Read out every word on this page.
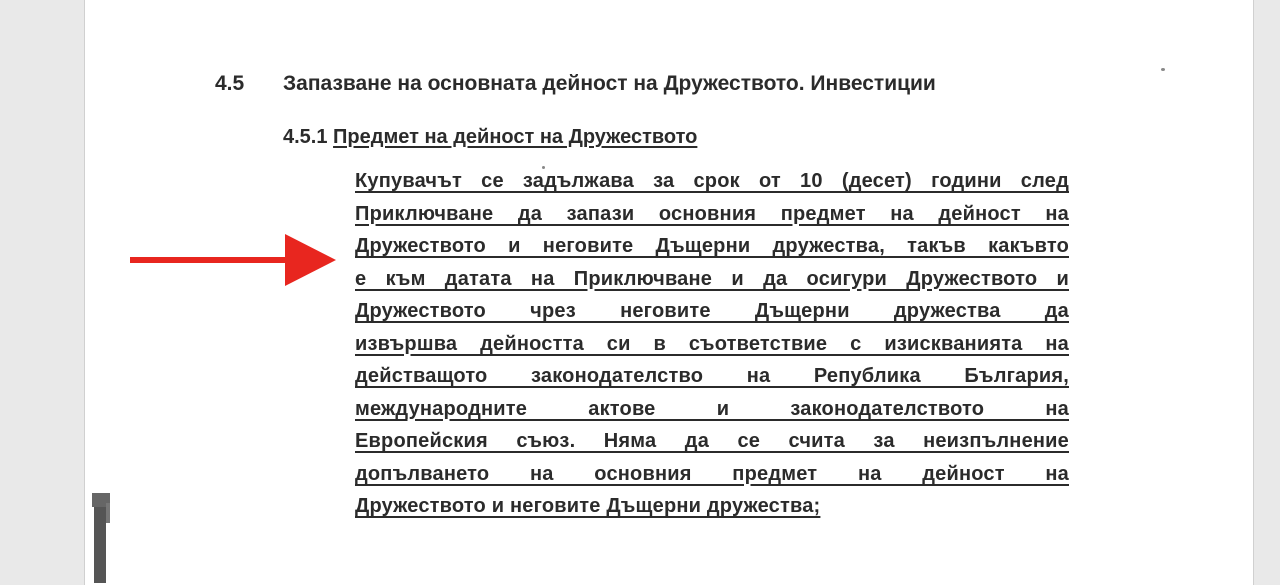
4.5 Запазване на основната дейност на Дружеството. Инвестиции
4.5.1 Предмет на дейност на Дружеството
Купувачът се задължава за срок от 10 (десет) години след
Приключване да запази основния предмет на дейност на
Дружеството и неговите Дъщерни дружества, такъв какъвто
е към датата на Приключване и да осигури Дружеството и
Дружеството чрез неговите Дъщерни дружества да
извършва дейността си в съответствие с изискванията на
действащото законодателство на Република България,
международните актове и законодателството на
Европейския съюз. Няма да се счита за неизпълнение
допълването на основния предмет на дейност на
Дружеството и неговите Дъщерни дружества;
